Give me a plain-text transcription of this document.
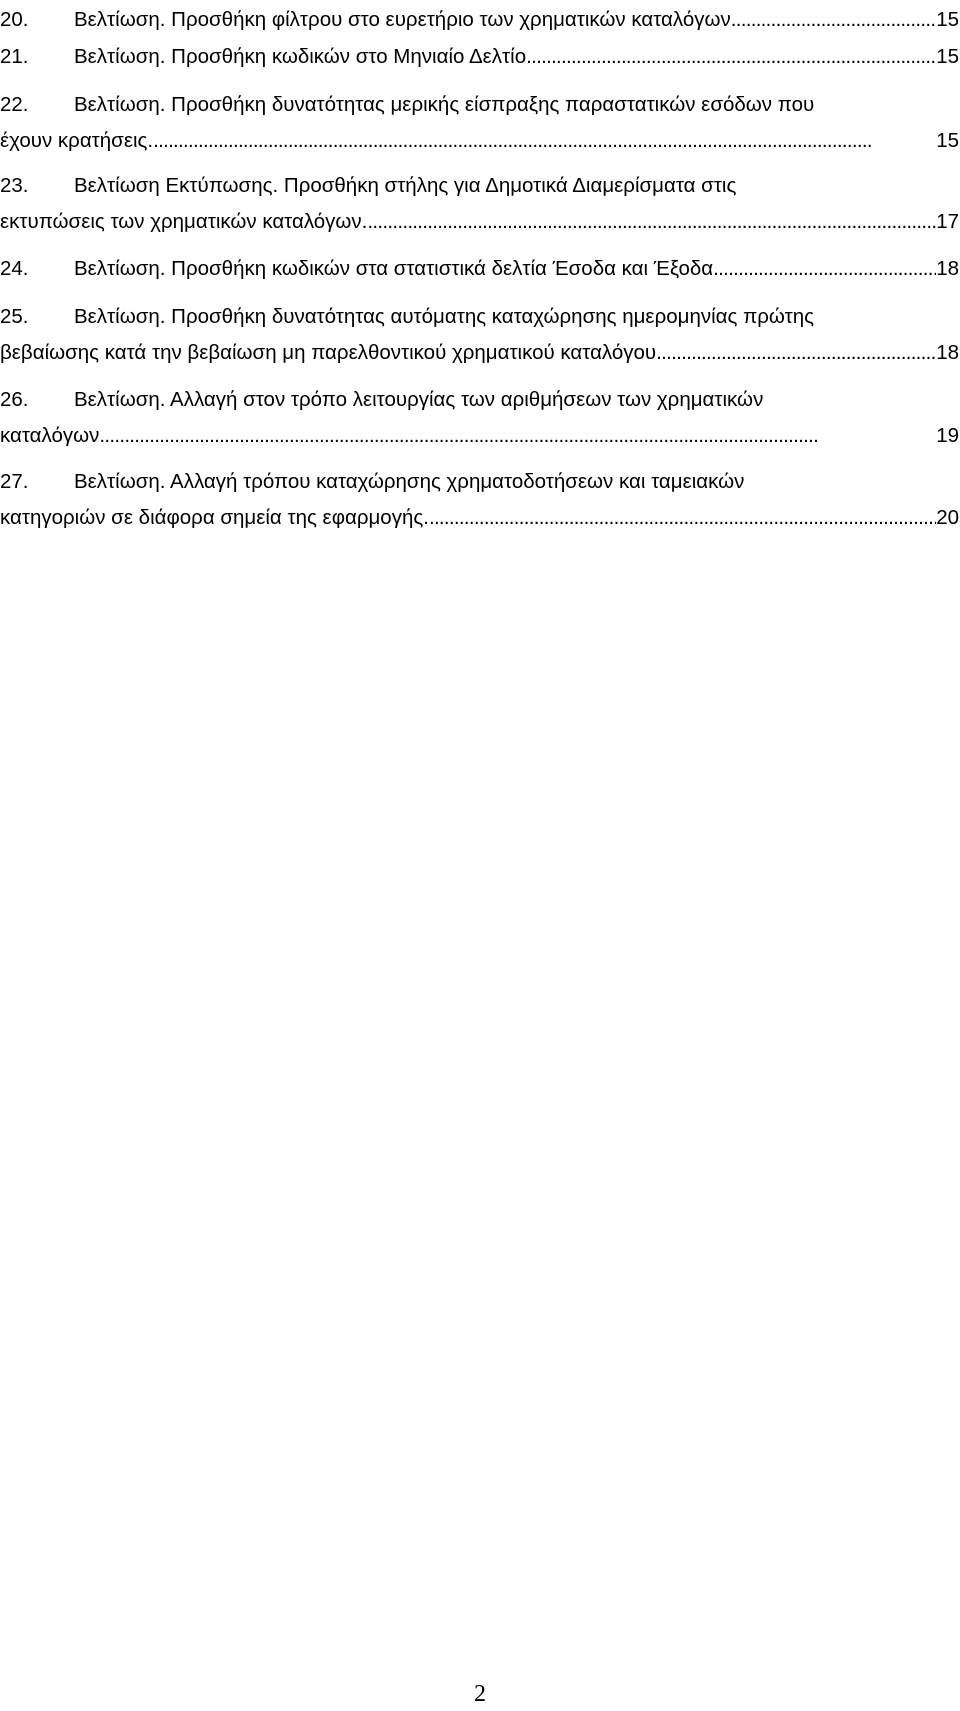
20.	Βελτίωση. Προσθήκη φίλτρου στο ευρετήριο των χρηματικών καταλόγων . . .	15
21.	Βελτίωση. Προσθήκη κωδικών στο Μηνιαίο Δελτίο . . .	15
22. Βελτίωση. Προσθήκη δυνατότητας μερικής είσπραξης παραστατικών εσόδων που
έχουν κρατήσεις. . . .	15
23. Βελτίωση Εκτύπωσης. Προσθήκη στήλης για Δημοτικά Διαμερίσματα στις
εκτυπώσεις των χρηματικών καταλόγων. . . .	17
24.	Βελτίωση. Προσθήκη κωδικών στα στατιστικά δελτία Έσοδα και Έξοδα . . .	18
25. Βελτίωση. Προσθήκη δυνατότητας αυτόματης καταχώρησης ημερομηνίας πρώτης
βεβαίωσης κατά την βεβαίωση μη παρελθοντικού χρηματικού καταλόγου . . .	18
26. Βελτίωση. Αλλαγή στον τρόπο λειτουργίας των αριθμήσεων των χρηματικών
καταλόγων . . .	19
27. Βελτίωση. Αλλαγή τρόπου καταχώρησης χρηματοδοτήσεων και ταμειακών
κατηγοριών σε διάφορα σημεία της εφαρμογής. . . .	20
2
